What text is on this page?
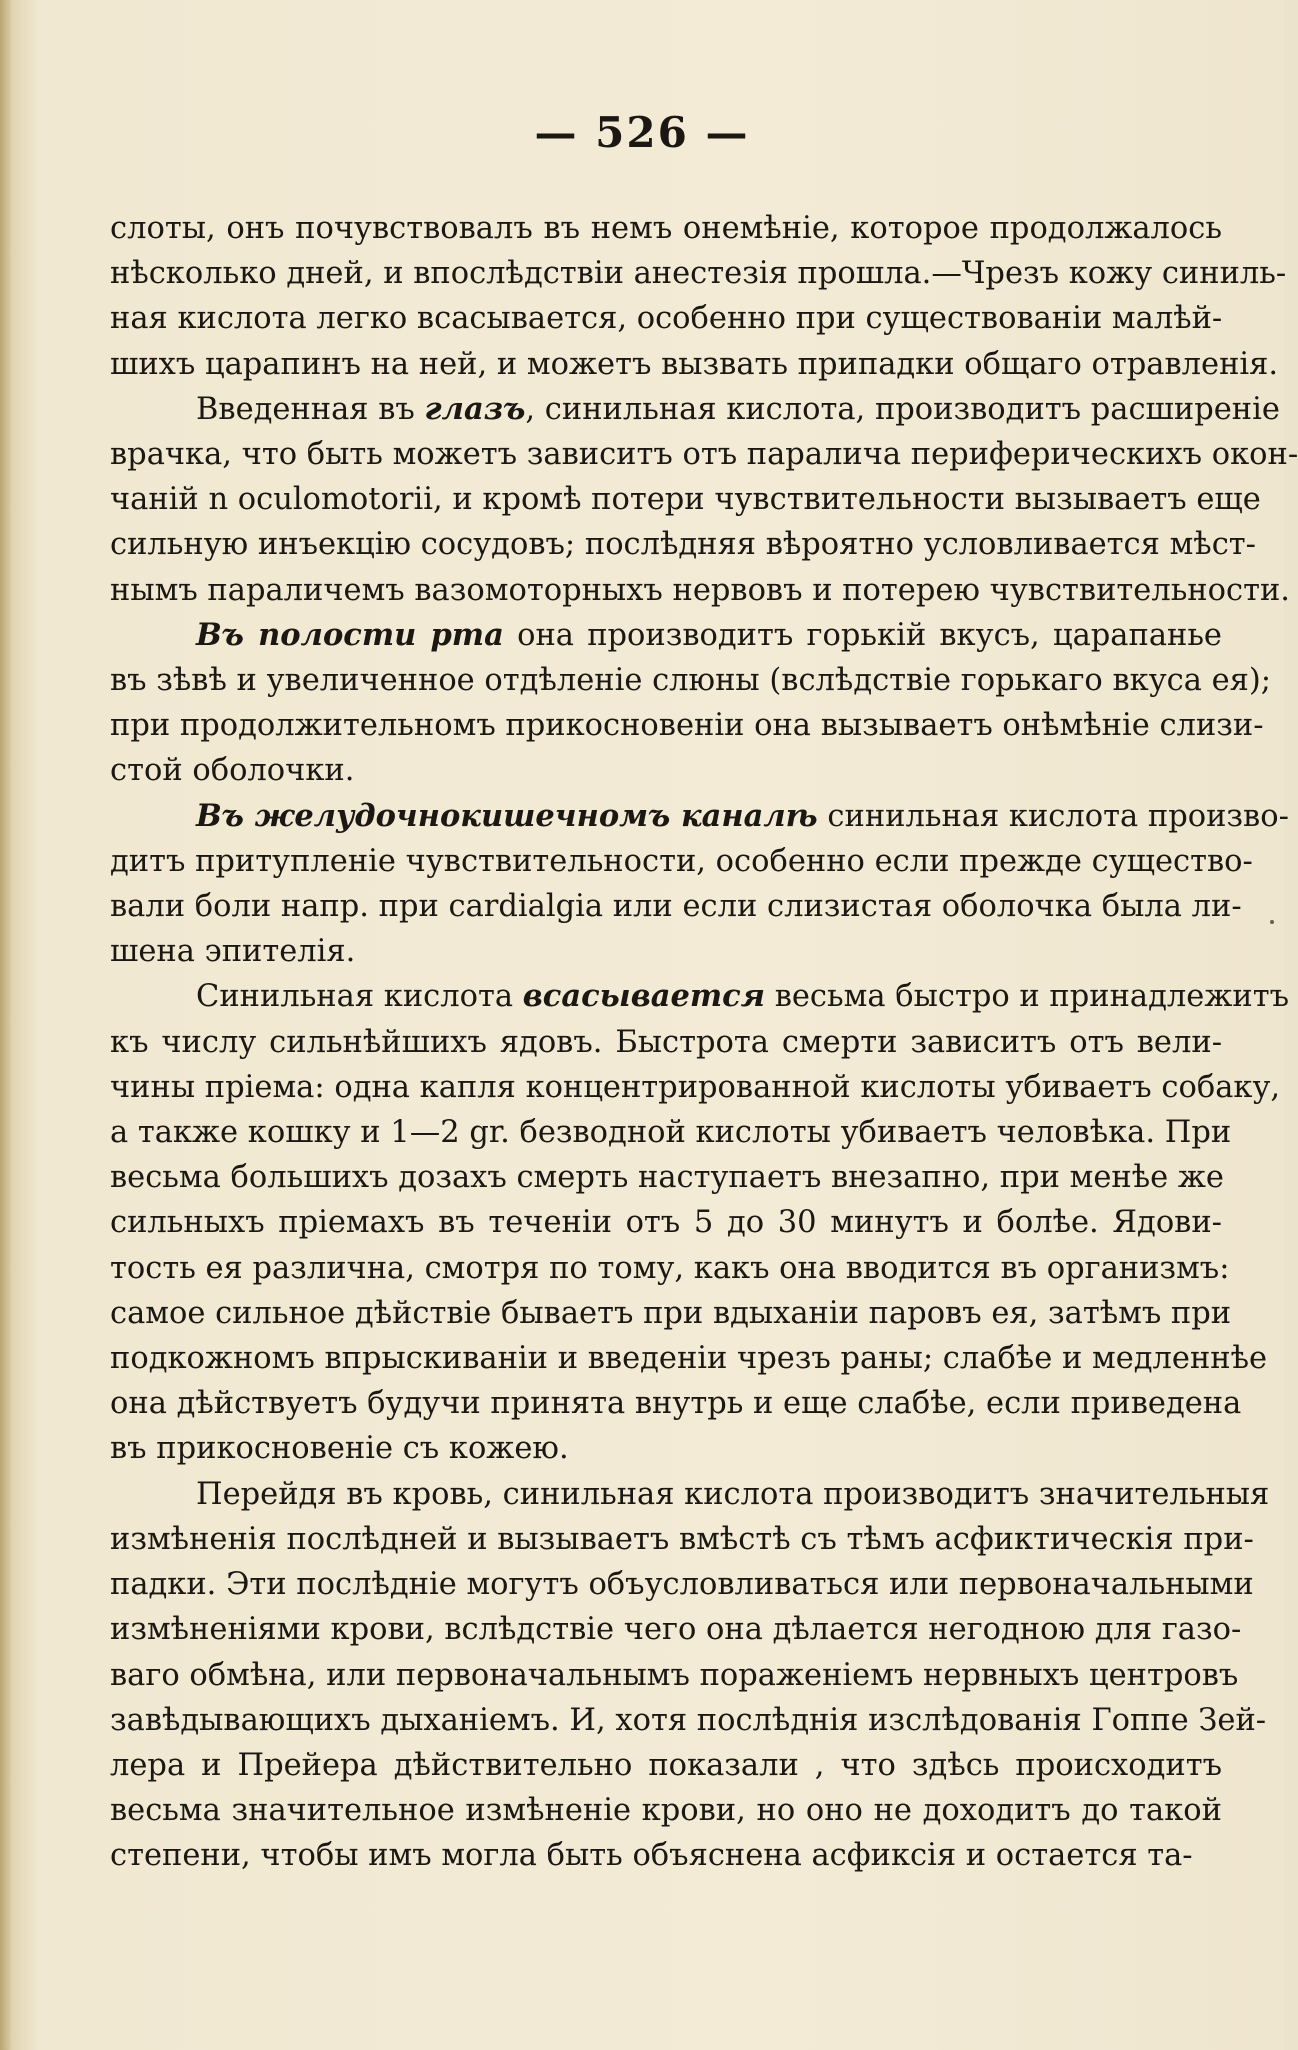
— 526 —
слоты, онъ почувствовалъ въ немъ онемѣніе, которое продолжалось
нѣсколько дней, и впослѣдствіи анестезія прошла.—Чрезъ кожу синиль-
ная кислота легко всасывается, особенно при существованіи малѣй-
шихъ царапинъ на ней, и можетъ вызвать припадки общаго отравленія.
Введенная въ глазъ, синильная кислота, производитъ расширеніе
врачка, что быть можетъ зависитъ отъ паралича периферическихъ окон-
чаній n oculomotorii, и кромѣ потери чувствительности вызываетъ еще
сильную инъекцію сосудовъ; послѣдняя вѣроятно условливается мѣст-
нымъ параличемъ вазомоторныхъ нервовъ и потерею чувствительности.
Въ полости рта она производитъ горькій вкусъ, царапанье
въ зѣвѣ и увеличенное отдѣленіе слюны (вслѣдствіе горькаго вкуса ея);
при продолжительномъ прикосновеніи она вызываетъ онѣмѣніе слизи-
стой оболочки.
Въ желудочнокишечномъ каналѣ синильная кислота произво-
дитъ притупленіе чувствительности, особенно если прежде существо-
вали боли напр. при cardialgia или если слизистая оболочка была ли-
шена эпителія.
Синильная кислота всасывается весьма быстро и принадлежитъ
къ числу сильнѣйшихъ ядовъ. Быстрота смерти зависитъ отъ вели-
чины пріема: одна капля концентрированной кислоты убиваетъ собаку,
а также кошку и 1—2 gr. безводной кислоты убиваетъ человѣка. При
весьма большихъ дозахъ смерть наступаетъ внезапно, при менѣе же
сильныхъ пріемахъ въ теченіи отъ 5 до 30 минутъ и болѣе. Ядови-
тость ея различна, смотря по тому, какъ она вводится въ организмъ:
самое сильное дѣйствіе бываетъ при вдыханіи паровъ ея, затѣмъ при
подкожномъ впрыскиваніи и введеніи чрезъ раны; слабѣе и медленнѣе
она дѣйствуетъ будучи принята внутрь и еще слабѣе, если приведена
въ прикосновеніе съ кожею.
Перейдя въ кровь, синильная кислота производитъ значительныя
измѣненія послѣдней и вызываетъ вмѣстѣ съ тѣмъ асфиктическія при-
падки. Эти послѣдніе могутъ объусловливаться или первоначальными
измѣненіями крови, вслѣдствіе чего она дѣлается негодною для газо-
ваго обмѣна, или первоначальнымъ пораженіемъ нервныхъ центровъ
завѣдывающихъ дыханіемъ. И, хотя послѣднія изслѣдованія Гоппе Зей-
лера и Прейера дѣйствительно показали , что здѣсь происходитъ
весьма значительное измѣненіе крови, но оно не доходитъ до такой
степени, чтобы имъ могла быть объяснена асфиксія и остается та-
